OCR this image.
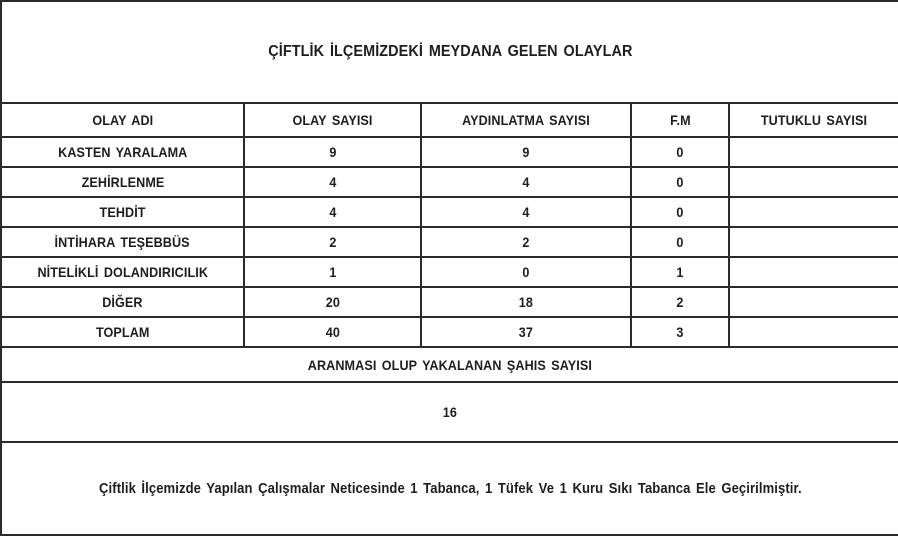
ÇİFTLİK İLÇEMİZDEKİ MEYDANA GELEN OLAYLAR				
OLAY ADI	OLAY SAYISI	AYDINLATMA SAYISI	F.M	TUTUKLU SAYISI
KASTEN YARALAMA	9	9	0	
ZEHİRLENME	4	4	0	
TEHDİT	4	4	0	
İNTİHARA TEŞEBBÜS	2	2	0	
NİTELİKLİ DOLANDIRICILIK	1	0	1	
DİĞER	20	18	2	
TOPLAM	40	37	3	
ARANMASI OLUP YAKALANAN ŞAHIS SAYISI				
16				
Çiftlik İlçemizde Yapılan Çalışmalar Neticesinde 1 Tabanca, 1 Tüfek Ve 1 Kuru Sıkı Tabanca Ele Geçirilmiştir.				
